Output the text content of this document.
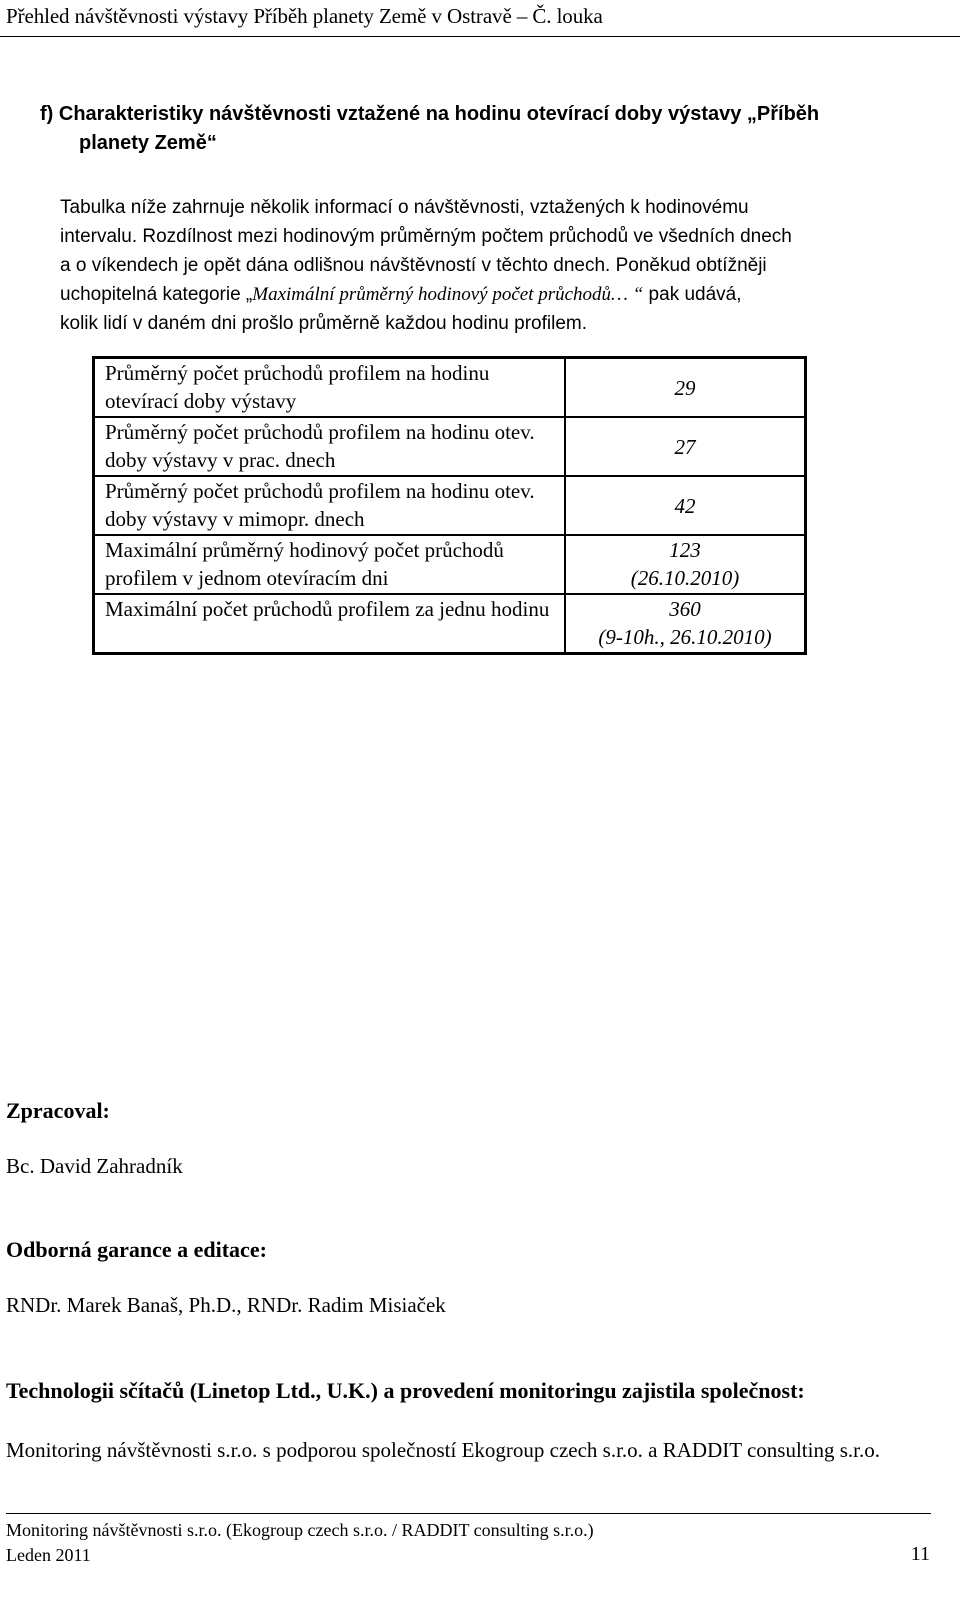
Přehled návštěvnosti výstavy Příběh planety Země v Ostravě – Č. louka
f) Charakteristiky návštěvnosti vztažené na hodinu otevírací doby výstavy „Příběh
planety Země“
Tabulka níže zahrnuje několik informací o návštěvnosti, vztažených k hodinovému
intervalu. Rozdílnost mezi hodinovým průměrným počtem průchodů ve všedních dnech
a o víkendech je opět dána odlišnou návštěvností v těchto dnech. Poněkud obtížněji
uchopitelná kategorie „Maximální průměrný hodinový počet průchodů… “ pak udává,
kolik lidí v daném dni prošlo průměrně každou hodinu profilem.
Průměrný počet průchodů profilem na hodinu otevírací doby výstavy	29
Průměrný počet průchodů profilem na hodinu otev. doby výstavy v prac. dnech	27
Průměrný počet průchodů profilem na hodinu otev. doby výstavy v mimopr. dnech	42
Maximální průměrný hodinový počet průchodů profilem v jednom otevíracím dni	123
(26.10.2010)

Maximální počet průchodů profilem za jednu hodinu	360
(9-10h., 26.10.2010)
Zpracoval:
Bc. David Zahradník
Odborná garance a editace:
RNDr. Marek Banaš, Ph.D., RNDr. Radim Misiaček
Technologii sčítačů (Linetop Ltd., U.K.) a provedení monitoringu zajistila společnost:
Monitoring návštěvnosti s.r.o. s podporou společností Ekogroup czech s.r.o. a RADDIT consulting s.r.o.
Monitoring návštěvnosti s.r.o. (Ekogroup czech s.r.o. / RADDIT consulting s.r.o.)
Leden 2011	11
